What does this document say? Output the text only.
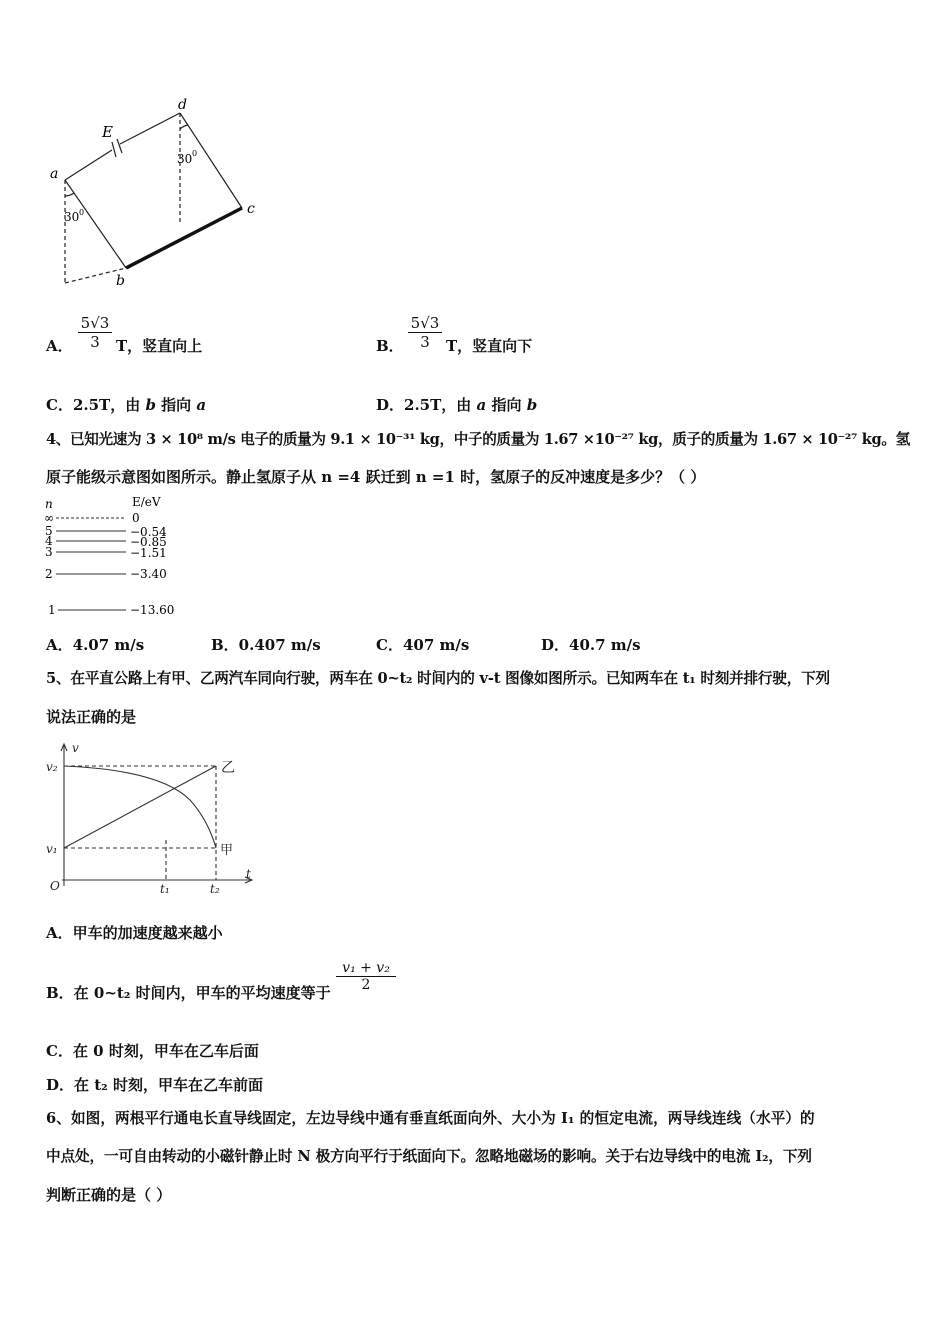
a
b
c
d
E
30 0
30 0
A． $\frac{5√3}{3}$ T，竖直向上	B． $\frac{5√3}{3}$ T，竖直向下
C．2.5T，由 b 指向 a	D．2.5T，由 a 指向 b
4、已知光速为 3 × 10⁸ m/s 电子的质量为 9.1 × 10⁻³¹ kg，中子的质量为 1.67 ×10⁻²⁷ kg，质子的质量为 1.67 × 10⁻²⁷ kg。氢
原子能级示意图如图所示。静止氢原子从 n =4 跃迁到 n =1 时，氢原子的反冲速度是多少？（ ）
n	E/eV
∞	0
5	−0.54
4	−0.85
3	−1.51
2	−3.40
1	−13.60
A．4.07 m/s	B．0.407 m/s	C．407 m/s	D．40.7 m/s
5、在平直公路上有甲、乙两汽车同向行驶，两车在 0~t₂ 时间内的 v-t 图像如图所示。已知两车在 t₁ 时刻并排行驶，下列
说法正确的是
v
t
O
v₂
v₁
t₁	t₂
乙
甲
A．甲车的加速度越来越小
B．在 0~t₂ 时间内，甲车的平均速度等于 $\frac{\text{v₁ + v₂}}{2}$
C．在 0 时刻，甲车在乙车后面
D．在 t₂ 时刻，甲车在乙车前面
6、如图，两根平行通电长直导线固定，左边导线中通有垂直纸面向外、大小为 I₁ 的恒定电流，两导线连线（水平）的
中点处，一可自由转动的小磁针静止时 N 极方向平行于纸面向下。忽略地磁场的影响。关于右边导线中的电流 I₂，下列
判断正确的是（ ）
